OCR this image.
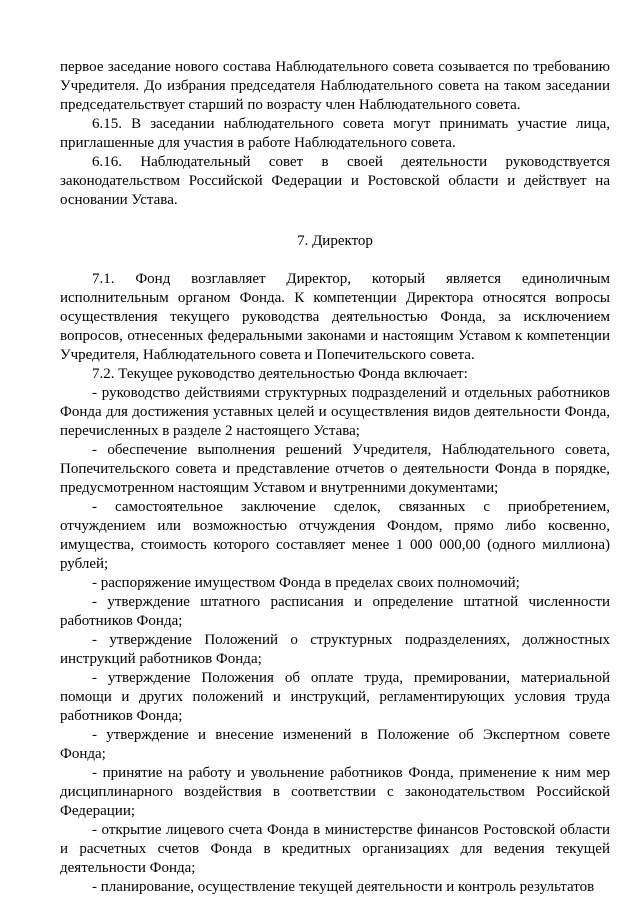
первое заседание нового состава Наблюдательного совета созывается по требованию Учредителя. До избрания председателя Наблюдательного совета на таком заседании председательствует старший по возрасту член Наблюдательного совета.

6.15. В заседании наблюдательного совета могут принимать участие лица, приглашенные для участия в работе Наблюдательного совета.

6.16. Наблюдательный совет в своей деятельности руководствуется законодательством Российской Федерации и Ростовской области и действует на основании Устава.

7. Директор

7.1. Фонд возглавляет Директор, который является единоличным исполнительным органом Фонда. К компетенции Директора относятся вопросы осуществления текущего руководства деятельностью Фонда, за исключением вопросов, отнесенных федеральными законами и настоящим Уставом к компетенции Учредителя, Наблюдательного совета и Попечительского совета.

7.2. Текущее руководство деятельностью Фонда включает:

- руководство действиями структурных подразделений и отдельных работников Фонда для достижения уставных целей и осуществления видов деятельности Фонда, перечисленных в разделе 2 настоящего Устава;

- обеспечение выполнения решений Учредителя, Наблюдательного совета, Попечительского совета и представление отчетов о деятельности Фонда в порядке, предусмотренном настоящим Уставом и внутренними документами;

- самостоятельное заключение сделок, связанных с приобретением, отчуждением или возможностью отчуждения Фондом, прямо либо косвенно, имущества, стоимость которого составляет менее 1 000 000,00 (одного миллиона) рублей;

- распоряжение имуществом Фонда в пределах своих полномочий;

- утверждение штатного расписания и определение штатной численности работников Фонда;

- утверждение Положений о структурных подразделениях, должностных инструкций работников Фонда;

- утверждение Положения об оплате труда, премировании, материальной помощи и других положений и инструкций, регламентирующих условия труда работников Фонда;

- утверждение и внесение изменений в Положение об Экспертном совете Фонда;

- принятие на работу и увольнение работников Фонда, применение к ним мер дисциплинарного воздействия в соответствии с законодательством Российской Федерации;

- открытие лицевого счета Фонда в министерстве финансов Ростовской области и расчетных счетов Фонда в кредитных организациях для ведения текущей деятельности Фонда;

- планирование, осуществление текущей деятельности и контроль результатов
